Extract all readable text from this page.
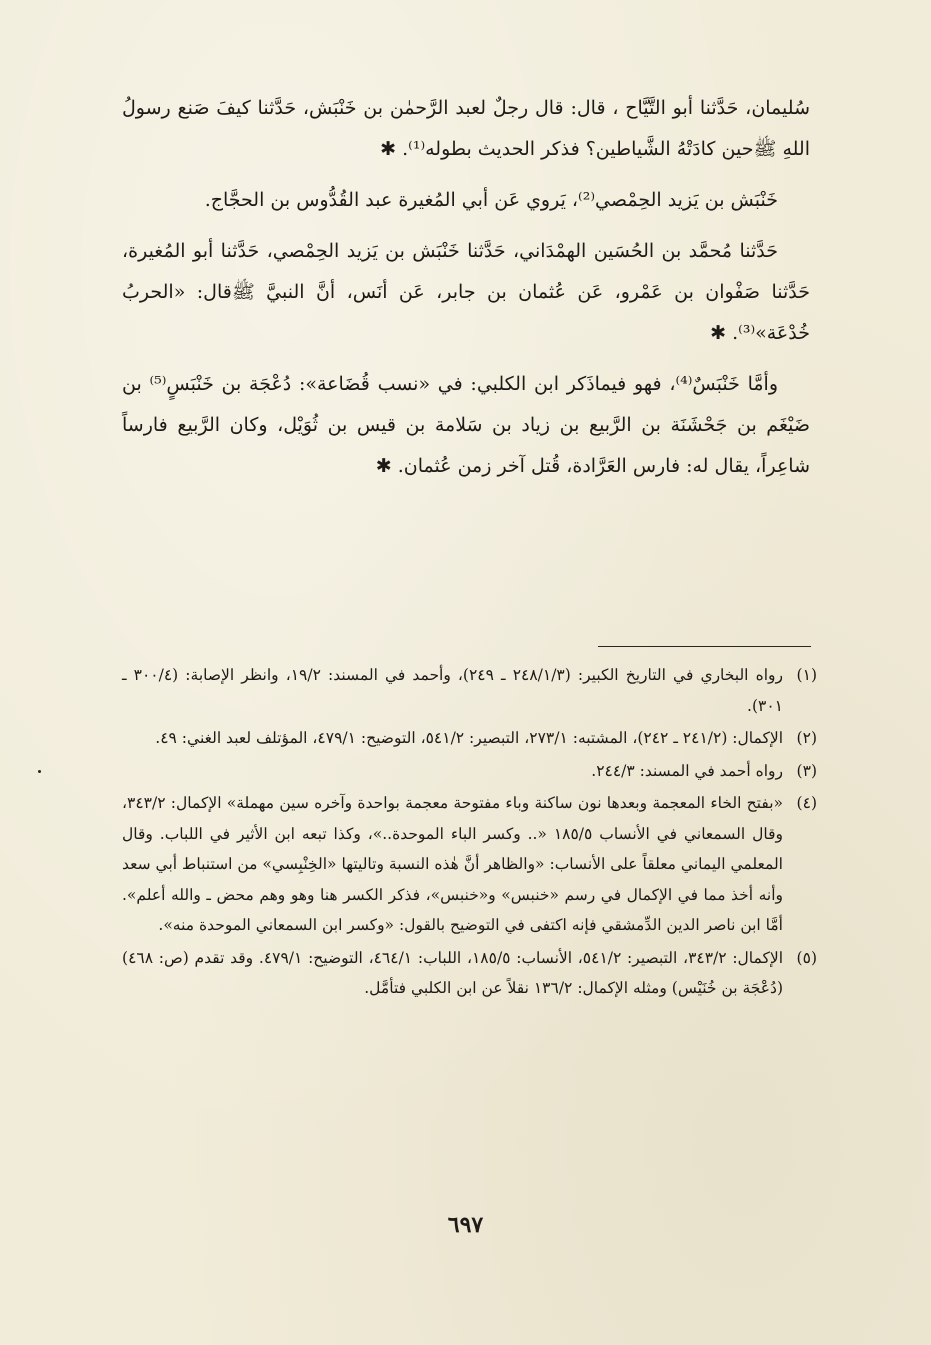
سُليمان، حَدَّثنا أبو التَّيَّاح ، قال: قال رجلٌ لعبد الرَّحمٰن بن خَنْبَش، حَدَّثنا كيفَ صَنع رسولُ اللهِ ﷺحين كادَتْهُ الشَّياطين؟ فذكر الحديث بطوله⁽¹⁾. ✱

خَنْبَش بن يَزيد الحِمْصي⁽²⁾، يَروي عَن أبي المُغيرة عبد القُدُّوس بن الحجَّاج.

حَدَّثنا مُحمَّد بن الحُسَين الهمْدَاني، حَدَّثنا خَنْبَش بن يَزيد الحِمْصي، حَدَّثنا أبو المُغيرة، حَدَّثنا صَفْوان بن عَمْرو، عَن عُثمان بن جابر، عَن أنَس، أنَّ النبيَّ ﷺقال: «الحربُ خُدْعَة»⁽³⁾. ✱

وأمَّا خَنْبَسٌ⁽⁴⁾، فهو فيماذَكر ابن الكلبي: في «نسب قُضَاعة»: دُعْجَة بن خَنْبَسٍ⁽⁵⁾ بن ضَيْغَم بن جَحْشَنَة بن الرَّبيع بن زياد بن سَلامة بن قيس بن ثُوَيْل، وكان الرَّبيع فارساً شاعِراً، يقال له: فارس العَرَّادة، قُتل آخر زمن عُثمان. ✱

(١)
رواه البخاري في التاريخ الكبير: (٢٤٨/١/٣ ـ ٢٤٩)، وأحمد في المسند: ١٩/٢، وانظر الإصابة: (٣٠٠/٤ ـ ٣٠١).
(٢)
الإكمال: (٢٤١/٢ ـ ٢٤٢)، المشتبه: ٢٧٣/١، التبصير: ٥٤١/٢، التوضيح: ٤٧٩/١، المؤتلف لعبد الغني: ٤٩.
(٣)
رواه أحمد في المسند: ٢٤٤/٣.
(٤)
«بفتح الخاء المعجمة وبعدها نون ساكنة وباء مفتوحة معجمة بواحدة وآخره سين مهملة» الإكمال: ٣٤٣/٢، وقال السمعاني في الأنساب ١٨٥/٥ «.. وكسر الباء الموحدة..»، وكذا تبعه ابن الأثير في اللباب. وقال المعلمي اليماني معلقاً على الأنساب: «والظاهر أنَّ هٰذه النسبة وتاليتها «الخِنْبِسي» من استنباط أبي سعد وأنه أخذ مما في الإكمال في رسم «خنبس» و«خنبس»، فذكر الكسر هنا وهو وهم محض ـ والله أعلم». أمَّا ابن ناصر الدين الدِّمشقي فإنه اكتفى في التوضيح بالقول: «وكسر ابن السمعاني الموحدة منه».
(٥)
الإكمال: ٣٤٣/٢، التبصير: ٥٤١/٢، الأنساب: ١٨٥/٥، اللباب: ٤٦٤/١، التوضيح: ٤٧٩/١. وقد تقدم (ص: ٤٦٨) (دُعْجَة بن خُنَيْس) ومثله الإكمال: ١٣٦/٢ نقلاً عن ابن الكلبي فتأمَّل.
٦٩٧
